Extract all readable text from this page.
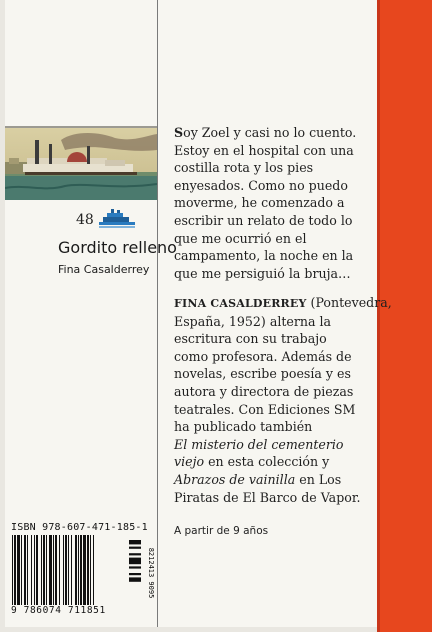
48
Gordito relleno
Fina Casalderrey
Soy Zoel y casi no lo cuento.
Estoy en el hospital con una
costilla rota y los pies
enyesados. Como no puedo
moverme, he comenzado a
escribir un relato de todo lo
que me ocurrió en el
campamento, la noche en la
que me persiguió la bruja…
FINA CASALDERREY (Pontevedra,
España, 1952) alterna la
escritura con su trabajo
como profesora. Además de
novelas, escribe poesía y es
autora y directora de piezas
teatrales. Con Ediciones SM
ha publicado también
El misterio del cementerio
viejo en esta colección y
Abrazos de vainilla en Los
Piratas de El Barco de Vapor.
A partir de 9 años
ISBN 978-607-471-185-1
8212413 9095
9 786074 711851
